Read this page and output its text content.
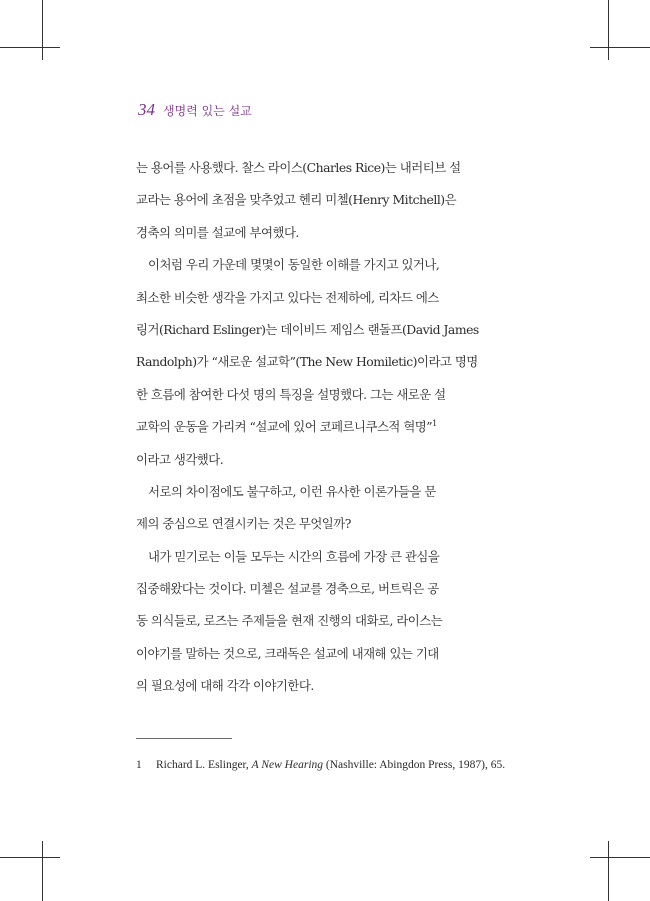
34 생명력 있는 설교
는 용어를 사용했다. 찰스 라이스(Charles Rice)는 내러티브 설
교라는 용어에 초점을 맞추었고 헨리 미첼(Henry Mitchell)은
경축의 의미를 설교에 부여했다.
이처럼 우리 가운데 몇몇이 동일한 이해를 가지고 있거나,
최소한 비슷한 생각을 가지고 있다는 전제하에, 리차드 에스
링거(Richard Eslinger)는 데이비드 제임스 랜돌프(David James
Randolph)가 “새로운 설교학”(The New Homiletic)이라고 명명
한 흐름에 참여한 다섯 명의 특징을 설명했다. 그는 새로운 설
교학의 운동을 가리켜 “설교에 있어 코페르니쿠스적 혁명”$^1$
이라고 생각했다.
서로의 차이점에도 불구하고, 이런 유사한 이론가들을 문
제의 중심으로 연결시키는 것은 무엇일까?
내가 믿기로는 이들 모두는 시간의 흐름에 가장 큰 관심을
집중해왔다는 것이다. 미첼은 설교를 경축으로, 버트릭은 공
동 의식들로, 로즈는 주제들을 현재 진행의 대화로, 라이스는
이야기를 말하는 것으로, 크래독은 설교에 내재해 있는 기대
의 필요성에 대해 각각 이야기한다.
1 Richard L. Eslinger, A New Hearing (Nashville: Abingdon Press, 1987), 65.
